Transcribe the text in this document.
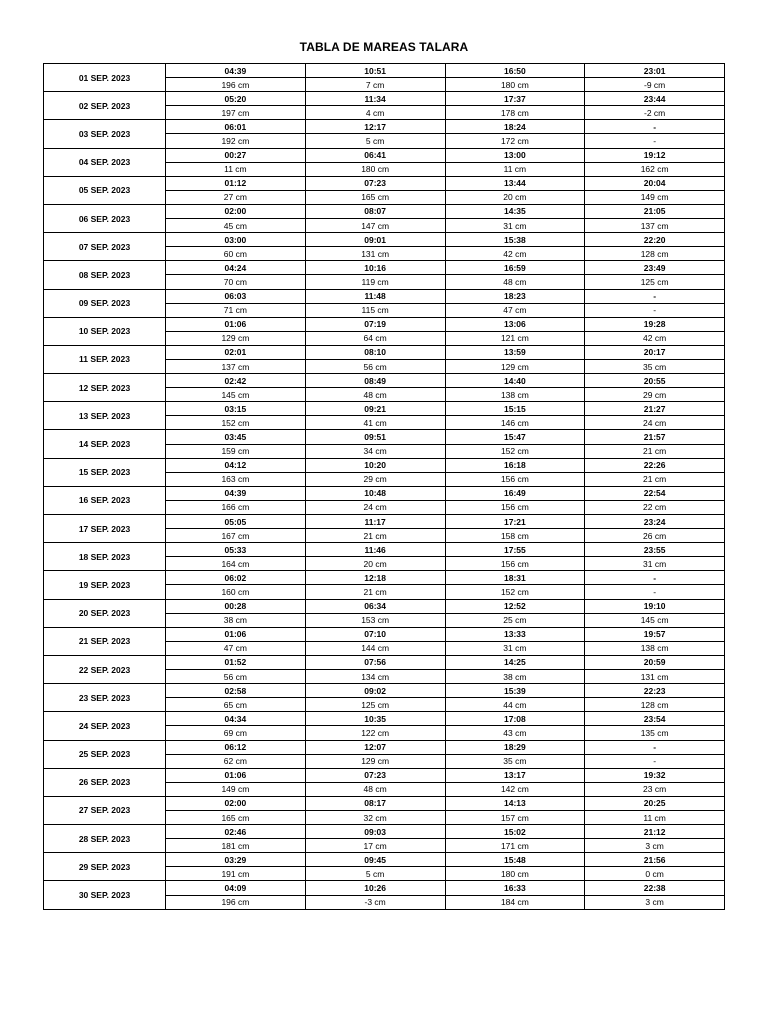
TABLA DE MAREAS TALARA
01 SEP. 2023	04:39	10:51	16:50	23:01
	196 cm	7 cm	180 cm	-9 cm
02 SEP. 2023	05:20	11:34	17:37	23:44
	197 cm	4 cm	178 cm	-2 cm
03 SEP. 2023	06:01	12:17	18:24	-
	192 cm	5 cm	172 cm	-
04 SEP. 2023	00:27	06:41	13:00	19:12
	11 cm	180 cm	11 cm	162 cm
05 SEP. 2023	01:12	07:23	13:44	20:04
	27 cm	165 cm	20 cm	149 cm
06 SEP. 2023	02:00	08:07	14:35	21:05
	45 cm	147 cm	31 cm	137 cm
07 SEP. 2023	03:00	09:01	15:38	22:20
	60 cm	131 cm	42 cm	128 cm
08 SEP. 2023	04:24	10:16	16:59	23:49
	70 cm	119 cm	48 cm	125 cm
09 SEP. 2023	06:03	11:48	18:23	-
	71 cm	115 cm	47 cm	-
10 SEP. 2023	01:06	07:19	13:06	19:28
	129 cm	64 cm	121 cm	42 cm
11 SEP. 2023	02:01	08:10	13:59	20:17
	137 cm	56 cm	129 cm	35 cm
12 SEP. 2023	02:42	08:49	14:40	20:55
	145 cm	48 cm	138 cm	29 cm
13 SEP. 2023	03:15	09:21	15:15	21:27
	152 cm	41 cm	146 cm	24 cm
14 SEP. 2023	03:45	09:51	15:47	21:57
	159 cm	34 cm	152 cm	21 cm
15 SEP. 2023	04:12	10:20	16:18	22:26
	163 cm	29 cm	156 cm	21 cm
16 SEP. 2023	04:39	10:48	16:49	22:54
	166 cm	24 cm	156 cm	22 cm
17 SEP. 2023	05:05	11:17	17:21	23:24
	167 cm	21 cm	158 cm	26 cm
18 SEP. 2023	05:33	11:46	17:55	23:55
	164 cm	20 cm	156 cm	31 cm
19 SEP. 2023	06:02	12:18	18:31	-
	160 cm	21 cm	152 cm	-
20 SEP. 2023	00:28	06:34	12:52	19:10
	38 cm	153 cm	25 cm	145 cm
21 SEP. 2023	01:06	07:10	13:33	19:57
	47 cm	144 cm	31 cm	138 cm
22 SEP. 2023	01:52	07:56	14:25	20:59
	56 cm	134 cm	38 cm	131 cm
23 SEP. 2023	02:58	09:02	15:39	22:23
	65 cm	125 cm	44 cm	128 cm
24 SEP. 2023	04:34	10:35	17:08	23:54
	69 cm	122 cm	43 cm	135 cm
25 SEP. 2023	06:12	12:07	18:29	-
	62 cm	129 cm	35 cm	-
26 SEP. 2023	01:06	07:23	13:17	19:32
	149 cm	48 cm	142 cm	23 cm
27 SEP. 2023	02:00	08:17	14:13	20:25
	165 cm	32 cm	157 cm	11 cm
28 SEP. 2023	02:46	09:03	15:02	21:12
	181 cm	17 cm	171 cm	3 cm
29 SEP. 2023	03:29	09:45	15:48	21:56
	191 cm	5 cm	180 cm	0 cm
30 SEP. 2023	04:09	10:26	16:33	22:38
	196 cm	-3 cm	184 cm	3 cm
